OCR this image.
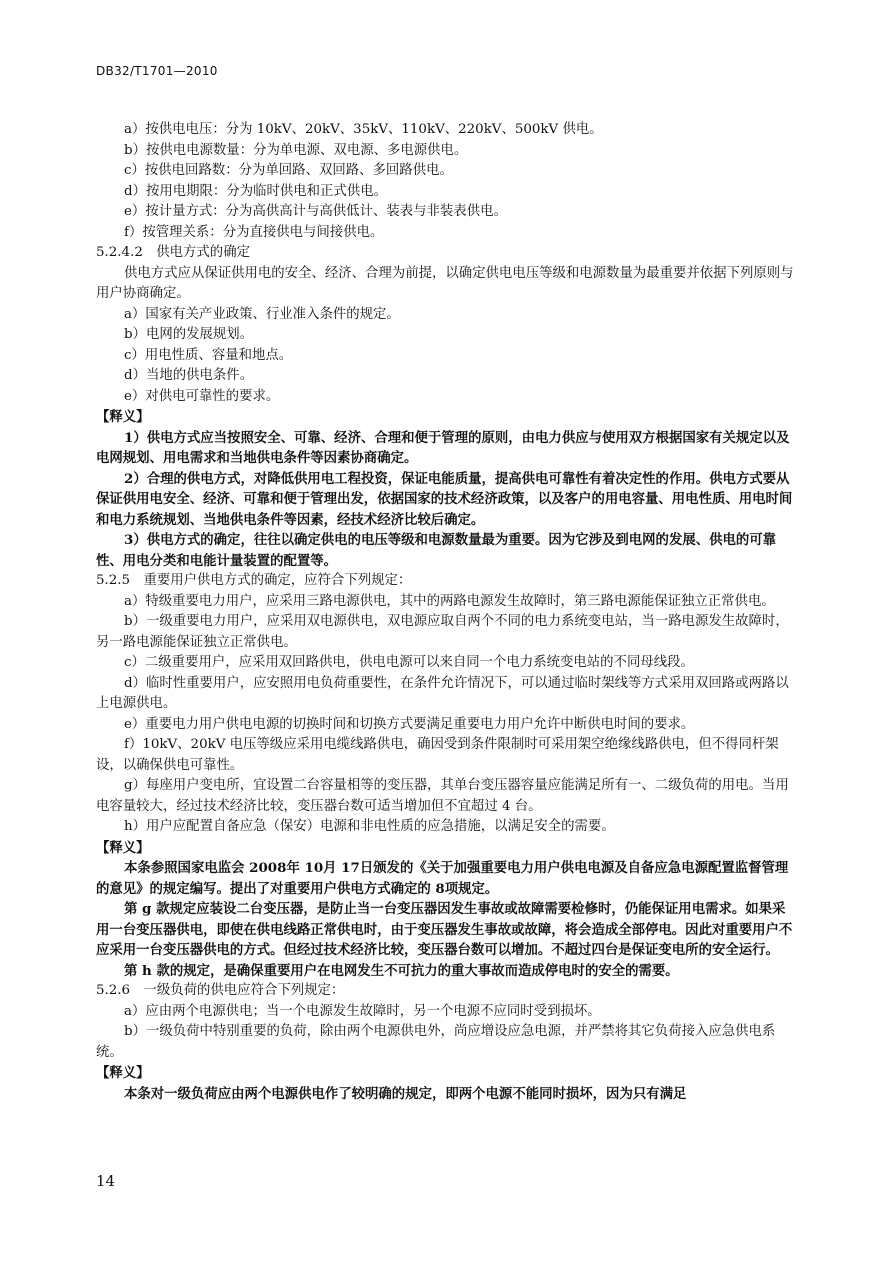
DB32/T1701—2010

a）按供电电压：分为 10kV、20kV、35kV、110kV、220kV、500kV 供电。

b）按供电电源数量：分为单电源、双电源、多电源供电。

c）按供电回路数：分为单回路、双回路、多回路供电。

d）按用电期限：分为临时供电和正式供电。

e）按计量方式：分为高供高计与高供低计、装表与非装表供电。

f）按管理关系：分为直接供电与间接供电。

5.2.4.2　供电方式的确定

供电方式应从保证供用电的安全、经济、合理为前提，以确定供电电压等级和电源数量为最重要并依据下列原则与用户协商确定。

a）国家有关产业政策、行业准入条件的规定。

b）电网的发展规划。

c）用电性质、容量和地点。

d）当地的供电条件。

e）对供电可靠性的要求。

【释义】

1）供电方式应当按照安全、可靠、经济、合理和便于管理的原则，由电力供应与使用双方根据国家有关规定以及电网规划、用电需求和当地供电条件等因素协商确定。

2）合理的供电方式，对降低供用电工程投资，保证电能质量，提高供电可靠性有着决定性的作用。供电方式要从保证供用电安全、经济、可靠和便于管理出发，依据国家的技术经济政策，以及客户的用电容量、用电性质、用电时间和电力系统规划、当地供电条件等因素，经技术经济比较后确定。

3）供电方式的确定，往往以确定供电的电压等级和电源数量最为重要。因为它涉及到电网的发展、供电的可靠性、用电分类和电能计量装置的配置等。

5.2.5　重要用户供电方式的确定，应符合下列规定：

a）特级重要电力用户，应采用三路电源供电，其中的两路电源发生故障时，第三路电源能保证独立正常供电。

b）一级重要电力用户，应采用双电源供电，双电源应取自两个不同的电力系统变电站，当一路电源发生故障时，另一路电源能保证独立正常供电。

c）二级重要用户，应采用双回路供电，供电电源可以来自同一个电力系统变电站的不同母线段。

d）临时性重要用户，应安照用电负荷重要性，在条件允许情况下，可以通过临时架线等方式采用双回路或两路以上电源供电。

e）重要电力用户供电电源的切换时间和切换方式要满足重要电力用户允许中断供电时间的要求。

f）10kV、20kV 电压等级应采用电缆线路供电，确因受到条件限制时可采用架空绝缘线路供电，但不得同杆架设，以确保供电可靠性。

g）每座用户变电所，宜设置二台容量相等的变压器，其单台变压器容量应能满足所有一、二级负荷的用电。当用电容量较大，经过技术经济比较，变压器台数可适当增加但不宜超过 4 台。

h）用户应配置自备应急（保安）电源和非电性质的应急措施，以满足安全的需要。

【释义】

本条参照国家电监会 2008年 10月 17日颁发的《关于加强重要电力用户供电电源及自备应急电源配置监督管理的意见》的规定编写。提出了对重要用户供电方式确定的 8项规定。

第 g 款规定应装设二台变压器，是防止当一台变压器因发生事故或故障需要检修时，仍能保证用电需求。如果采用一台变压器供电，即使在供电线路正常供电时，由于变压器发生事故或故障，将会造成全部停电。因此对重要用户不应采用一台变压器供电的方式。但经过技术经济比较，变压器台数可以增加。不超过四台是保证变电所的安全运行。

第 h 款的规定，是确保重要用户在电网发生不可抗力的重大事故而造成停电时的安全的需要。

5.2.6　一级负荷的供电应符合下列规定：

a）应由两个电源供电；当一个电源发生故障时，另一个电源不应同时受到损坏。

b）一级负荷中特别重要的负荷，除由两个电源供电外，尚应增设应急电源，并严禁将其它负荷接入应急供电系统。

【释义】

本条对一级负荷应由两个电源供电作了较明确的规定，即两个电源不能同时损坏，因为只有满足

14
